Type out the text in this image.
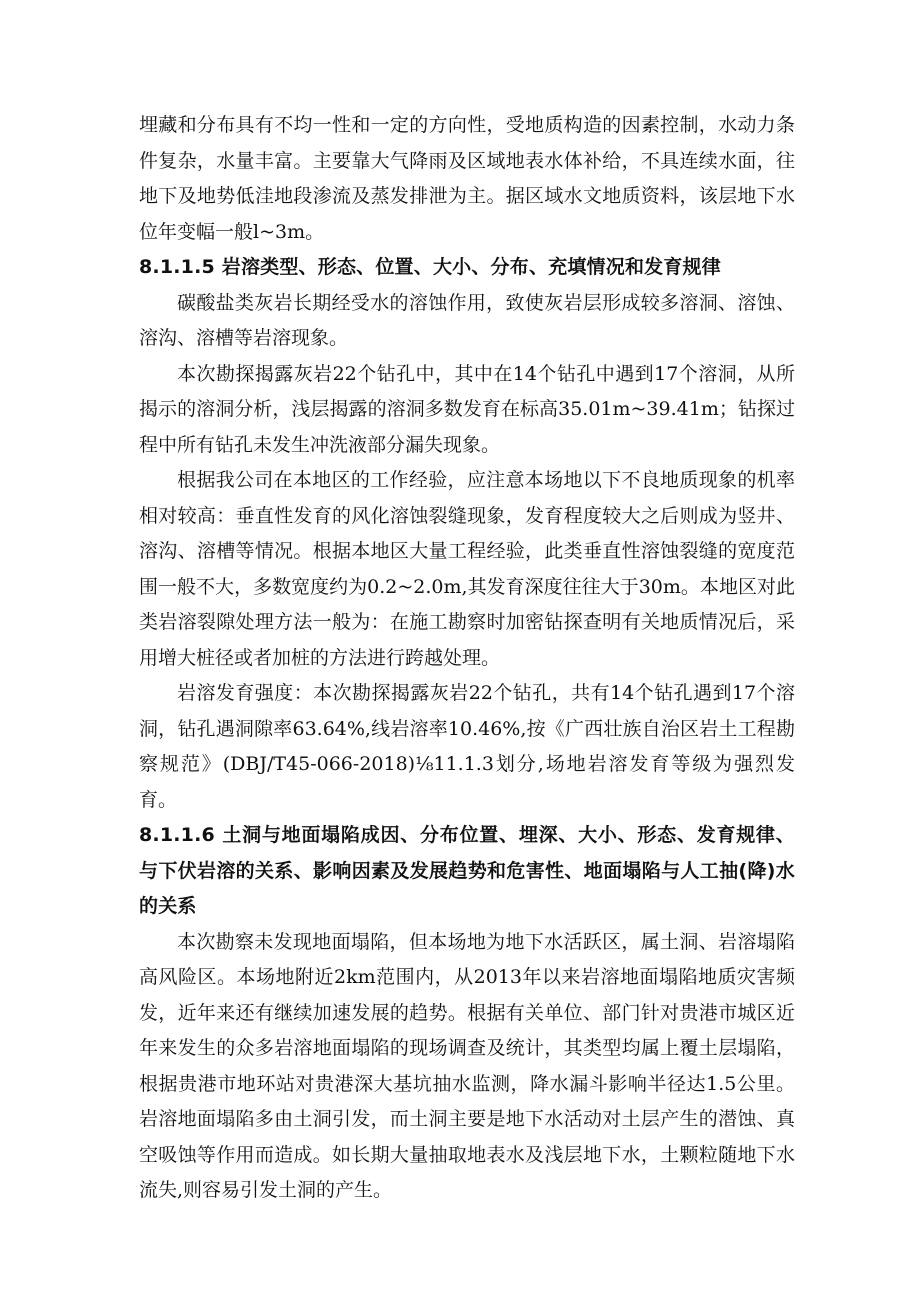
埋藏和分布具有不均一性和一定的方向性，受地质构造的因素控制，水动力条件复杂，水量丰富。主要靠大气降雨及区域地表水体补给，不具连续水面，往地下及地势低洼地段渗流及蒸发排泄为主。据区域水文地质资料，该层地下水位年变幅一般l~3m。

8.1.1.5 岩溶类型、形态、位置、大小、分布、充填情况和发育规律

碳酸盐类灰岩长期经受水的溶蚀作用，致使灰岩层形成较多溶洞、溶蚀、溶沟、溶槽等岩溶现象。

本次勘探揭露灰岩22个钻孔中，其中在14个钻孔中遇到17个溶洞，从所揭示的溶洞分析，浅层揭露的溶洞多数发育在标高35.01m~39.41m；钻探过程中所有钻孔未发生冲洗液部分漏失现象。

根据我公司在本地区的工作经验，应注意本场地以下不良地质现象的机率相对较高：垂直性发育的风化溶蚀裂缝现象，发育程度较大之后则成为竖井、溶沟、溶槽等情况。根据本地区大量工程经验，此类垂直性溶蚀裂缝的宽度范围一般不大，多数宽度约为0.2~2.0m,其发育深度往往大于30m。本地区对此类岩溶裂隙处理方法一般为：在施工勘察时加密钻探查明有关地质情况后，采用增大桩径或者加桩的方法进行跨越处理。

岩溶发育强度：本次勘探揭露灰岩22个钻孔，共有14个钻孔遇到17个溶洞，钻孔遇洞隙率63.64%,线岩溶率10.46%,按《广西壮族自治区岩土工程勘察规范》(DBJ/T45-066-2018)⅛11.1.3划分,场地岩溶发育等级为强烈发育。

8.1.1.6 土洞与地面塌陷成因、分布位置、埋深、大小、形态、发育规律、与下伏岩溶的关系、影响因素及发展趋势和危害性、地面塌陷与人工抽(降)水的关系

本次勘察未发现地面塌陷，但本场地为地下水活跃区，属土洞、岩溶塌陷高风险区。本场地附近2km范围内，从2013年以来岩溶地面塌陷地质灾害频发，近年来还有继续加速发展的趋势。根据有关单位、部门针对贵港市城区近年来发生的众多岩溶地面塌陷的现场调查及统计，其类型均属上覆土层塌陷，根据贵港市地环站对贵港深大基坑抽水监测，降水漏斗影响半径达1.5公里。岩溶地面塌陷多由土洞引发，而土洞主要是地下水活动对土层产生的潜蚀、真空吸蚀等作用而造成。如长期大量抽取地表水及浅层地下水，土颗粒随地下水流失,则容易引发土洞的产生。
